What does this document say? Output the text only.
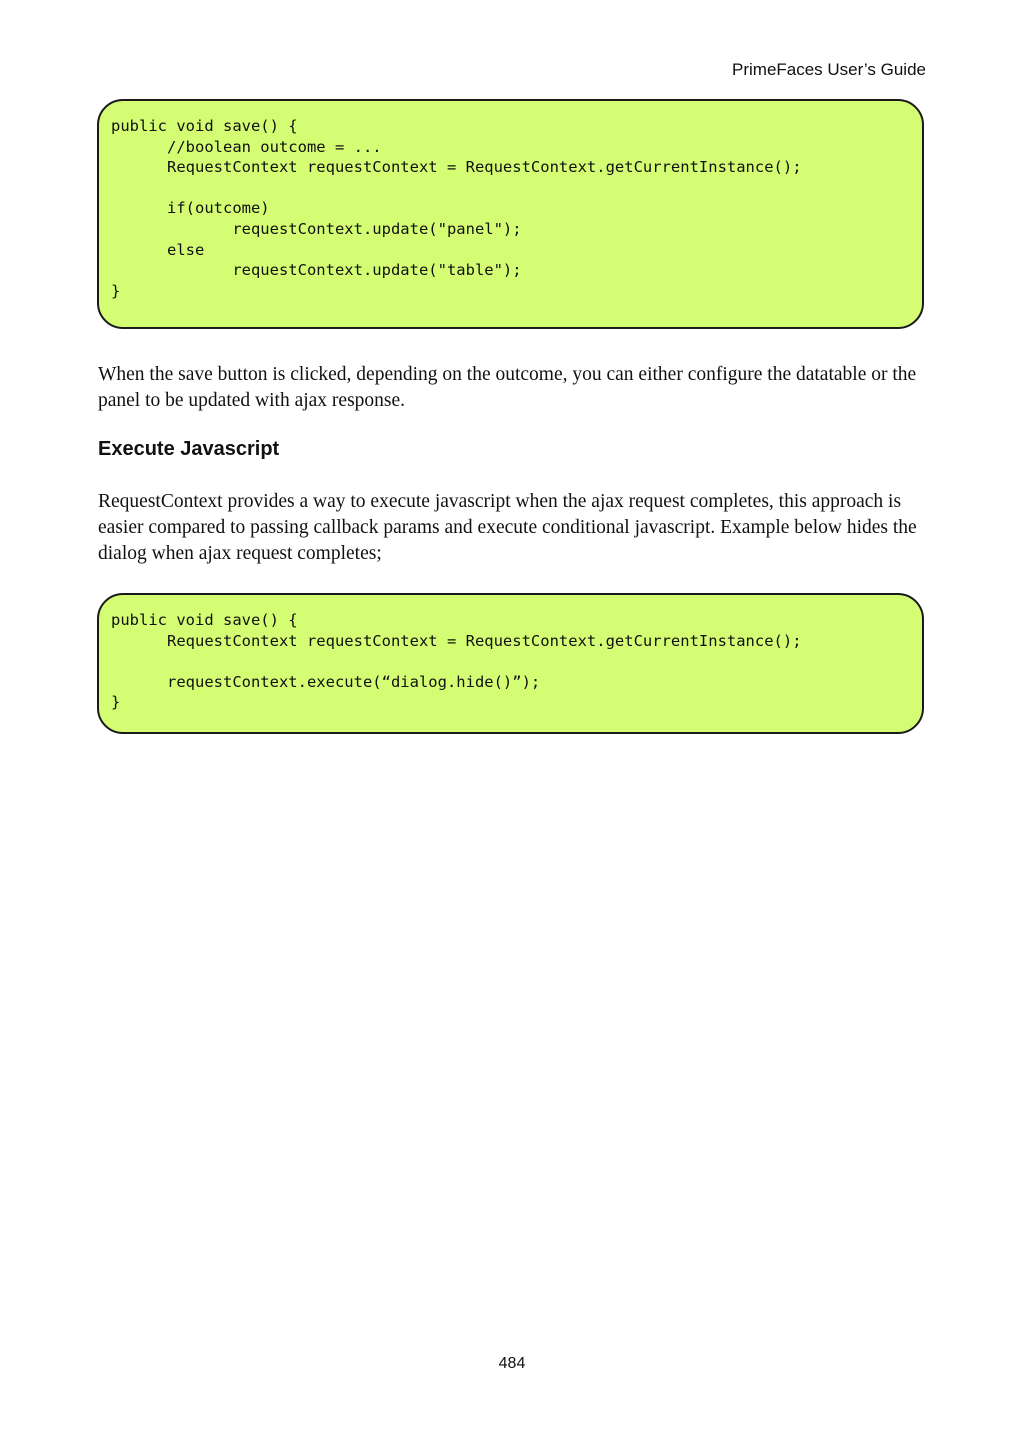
PrimeFaces User’s Guide
public void save() {
//boolean outcome = ...
RequestContext requestContext = RequestContext.getCurrentInstance();

if(outcome)
requestContext.update("panel");
else
requestContext.update("table");
}

When the save button is clicked, depending on the outcome, you can either configure the datatable or the panel to be updated with ajax response.

Execute Javascript

RequestContext provides a way to execute javascript when the ajax request completes, this approach is easier compared to passing callback params and execute conditional javascript. Example below hides the dialog when ajax request completes;

public void save() {
RequestContext requestContext = RequestContext.getCurrentInstance();

requestContext.execute(“dialog.hide()”);
}
484
